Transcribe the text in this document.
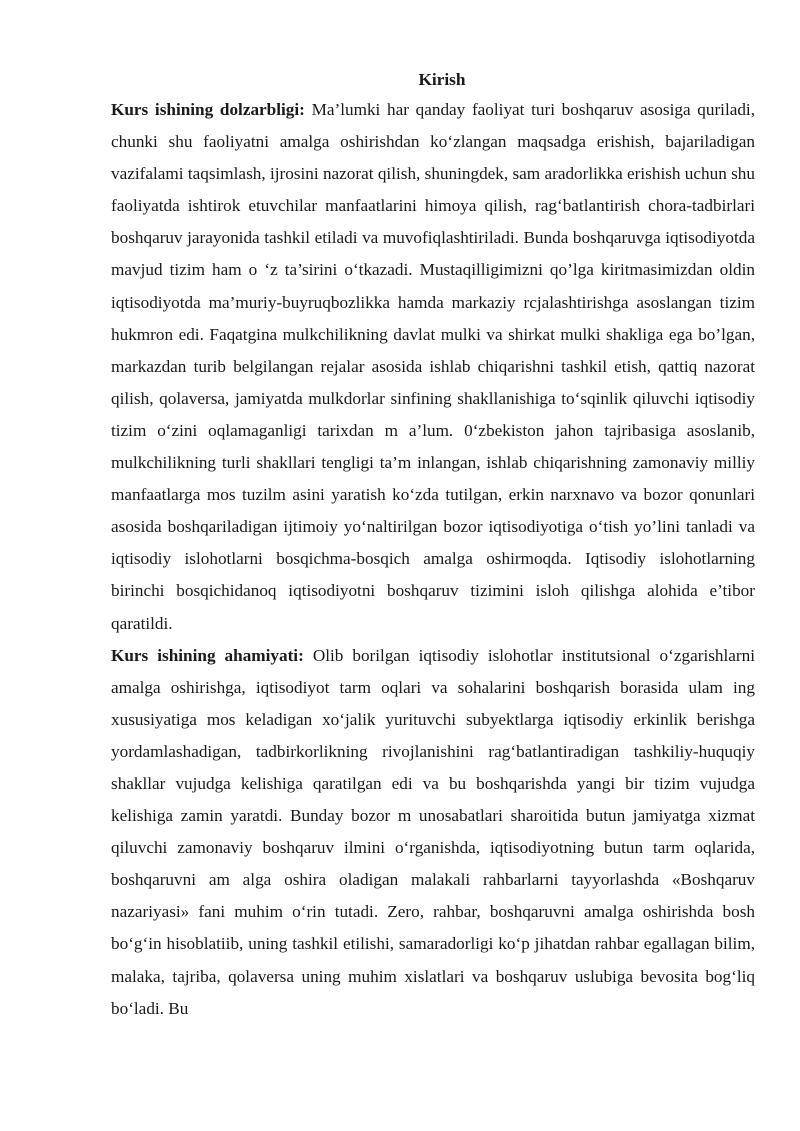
Kirish

Kurs ishining dolzarbligi: Ma’lumki har qanday faoliyat turi boshqaruv asosiga quriladi, chunki shu faoliyatni amalga oshirishdan ko‘zlangan maqsadga erishish, bajariladigan vazifalami taqsimlash, ijrosini nazorat qilish, shuningdek, sam aradorlikka erishish uchun shu faoliyatda ishtirok etuvchilar manfaatlarini himoya qilish, rag‘batlantirish chora-tadbirlari boshqaruv jarayonida tashkil etiladi va muvofiqlashtiriladi. Bunda boshqaruvga iqtisodiyotda mavjud tizim ham o ‘z ta’sirini o‘tkazadi. Mustaqilligimizni qo’lga kiritmasimizdan oldin iqtisodiyotda ma’muriy-buyruqbozlikka hamda markaziy rcjalashtirishga asoslangan tizim hukmron edi. Faqatgina mulkchilikning davlat mulki va shirkat mulki shakliga ega bo’lgan, markazdan turib belgilangan rejalar asosida ishlab chiqarishni tashkil etish, qattiq nazorat qilish, qolaversa, jamiyatda mulkdorlar sinfining shakllanishiga to‘sqinlik qiluvchi iqtisodiy tizim o‘zini oqlamaganligi tarixdan m a’lum. 0‘zbekiston jahon tajribasiga asoslanib, mulkchilikning turli shakllari tengligi ta’m inlangan, ishlab chiqarishning zamonaviy milliy manfaatlarga mos tuzilm asini yaratish ko‘zda tutilgan, erkin narxnavo va bozor qonunlari asosida boshqariladigan ijtimoiy yo‘naltirilgan bozor iqtisodiyotiga o‘tish yo’lini tanladi va iqtisodiy islohotlarni bosqichma-bosqich amalga oshirmoqda. Iqtisodiy islohotlarning birinchi bosqichidanoq iqtisodiyotni boshqaruv tizimini isloh qilishga alohida e’tibor qaratildi.

Kurs ishining ahamiyati: Olib borilgan iqtisodiy islohotlar institutsional o‘zgarishlarni amalga oshirishga, iqtisodiyot tarm oqlari va sohalarini boshqarish borasida ulam ing xususiyatiga mos keladigan xo‘jalik yurituvchi subyektlarga iqtisodiy erkinlik berishga yordamlashadigan, tadbirkorlikning rivojlanishini rag‘batlantiradigan tashkiliy-huquqiy shakllar vujudga kelishiga qaratilgan edi va bu boshqarishda yangi bir tizim vujudga kelishiga zamin yaratdi. Bunday bozor m unosabatlari sharoitida butun jamiyatga xizmat qiluvchi zamonaviy boshqaruv ilmini o‘rganishda, iqtisodiyotning butun tarm oqlarida, boshqaruvni am alga oshira oladigan malakali rahbarlarni tayyorlashda «Boshqaruv nazariyasi» fani muhim o‘rin tutadi. Zero, rahbar, boshqaruvni amalga oshirishda bosh bo‘g‘in hisoblatiib, uning tashkil etilishi, samaradorligi ko‘p jihatdan rahbar egallagan bilim, malaka, tajriba, qolaversa uning muhim xislatlari va boshqaruv uslubiga bevosita bog‘liq bo‘ladi. Bu
